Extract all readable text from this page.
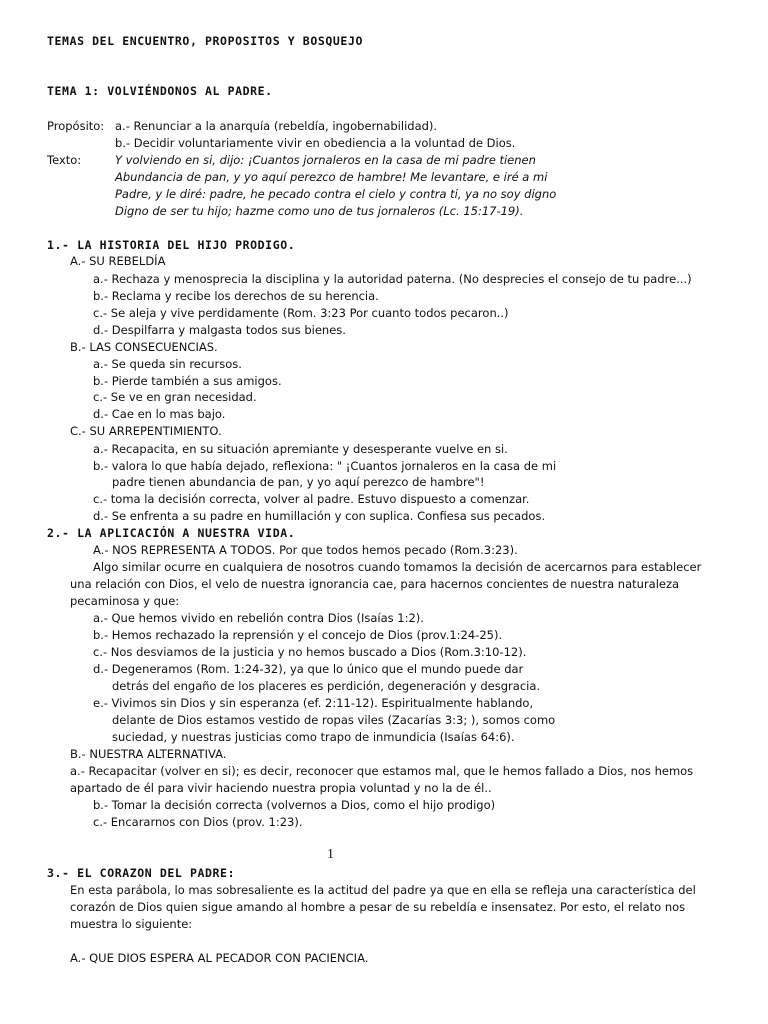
TEMAS DEL ENCUENTRO, PROPOSITOS Y BOSQUEJO
TEMA 1: VOLVIÉNDONOS AL PADRE.
Propósito: a.- Renunciar a la anarquía (rebeldía, ingobernabilidad).
b.- Decidir voluntariamente vivir en obediencia a la voluntad de Dios.
Texto:	Y volviendo en si, dijo: ¡Cuantos jornaleros en la casa de mi padre tienen
Abundancia de pan, y yo aquí perezco de hambre! Me levantare, e iré a mi
Padre, y le diré: padre, he pecado contra el cielo y contra ti, ya no soy digno
Digno de ser tu hijo; hazme como uno de tus jornaleros (Lc. 15:17-19).
1.- LA HISTORIA DEL HIJO PRODIGO.
A.- SU REBELDÍA
a.- Rechaza y menosprecia la disciplina y la autoridad paterna. (No desprecies el consejo de tu padre...)
b.- Reclama y recibe los derechos de su herencia.
c.- Se aleja y vive perdidamente (Rom. 3:23 Por cuanto todos pecaron..)
d.- Despilfarra y malgasta todos sus bienes.
B.- LAS CONSECUENCIAS.
a.- Se queda sin recursos.
b.- Pierde también a sus amigos.
c.- Se ve en gran necesidad.
d.- Cae en lo mas bajo.
C.- SU ARREPENTIMIENTO.
a.- Recapacita, en su situación apremiante y desesperante vuelve en si.
b.- valora lo que había dejado, reflexiona: " ¡Cuantos jornaleros en la casa de mi
padre tienen abundancia de pan, y yo aquí perezco de hambre"!
c.- toma la decisión correcta, volver al padre. Estuvo dispuesto a comenzar.
d.- Se enfrenta a su padre en humillación y con suplica. Confiesa sus pecados.
2.- LA APLICACIÓN A NUESTRA VIDA.
A.- NOS REPRESENTA A TODOS. Por que todos hemos pecado (Rom.3:23).
Algo similar ocurre en cualquiera de nosotros cuando tomamos la decisión de acercarnos para establecer
una relación con Dios, el velo de nuestra ignorancia cae, para hacernos concientes de nuestra naturaleza
pecaminosa y que:
a.- Que hemos vivido en rebelión contra Dios (Isaías 1:2).
b.- Hemos rechazado la reprensión y el concejo de Dios (prov.1:24-25).
c.- Nos desviamos de la justicia y no hemos buscado a Dios (Rom.3:10-12).
d.- Degeneramos (Rom. 1:24-32), ya que lo único que el mundo puede dar
detrás del engaño de los placeres es perdición, degeneración y desgracia.
e.- Vivimos sin Dios y sin esperanza (ef. 2:11-12). Espiritualmente hablando,
delante de Dios estamos vestido de ropas viles (Zacarías 3:3; ), somos como
suciedad, y nuestras justicias como trapo de inmundicia (Isaías 64:6).
B.- NUESTRA ALTERNATIVA.
a.- Recapacitar (volver en si); es decir, reconocer que estamos mal, que le hemos fallado a Dios, nos hemos
apartado de él para vivir haciendo nuestra propia voluntad y no la de él..
b.- Tomar la decisión correcta (volvernos a Dios, como el hijo prodigo)
c.- Encararnos con Dios (prov. 1:23).
1
3.- EL CORAZON DEL PADRE:
En esta parábola, lo mas sobresaliente es la actitud del padre ya que en ella se refleja una característica del
corazón de Dios quien sigue amando al hombre a pesar de su rebeldía e insensatez. Por esto, el relato nos
muestra lo siguiente:
A.- QUE DIOS ESPERA AL PECADOR CON PACIENCIA.
